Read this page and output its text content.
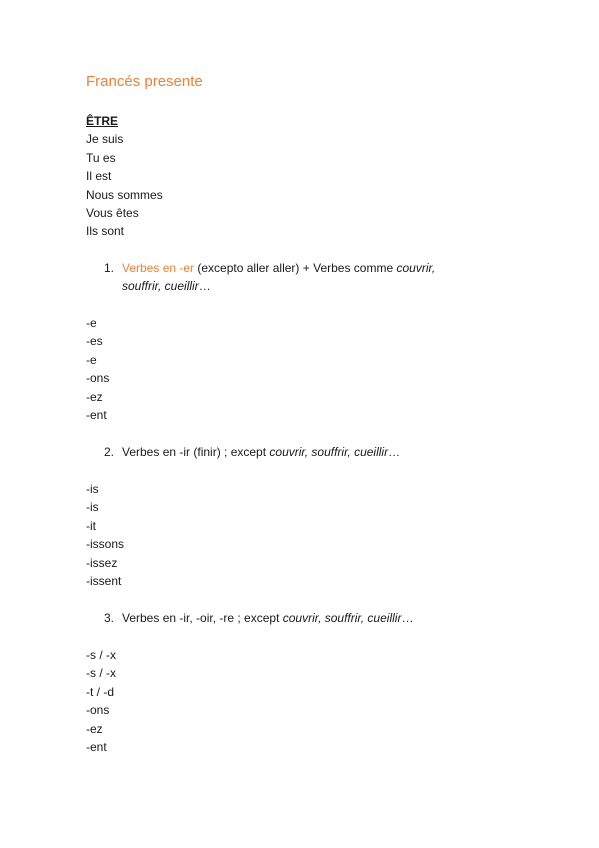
Francés presente
ÊTRE
Je suis
Tu es
Il est
Nous sommes
Vous êtes
Ils sont
1. Verbes en -er (excepto aller aller) + Verbes comme couvrir,
souffrir, cueillir…
-e
-es
-e
-ons
-ez
-ent
2. Verbes en -ir (finir) ; except couvrir, souffrir, cueillir…
-is
-is
-it
-issons
-issez
-issent
3. Verbes en -ir, -oir, -re ; except couvrir, souffrir, cueillir…
-s / -x
-s / -x
-t / -d
-ons
-ez
-ent
